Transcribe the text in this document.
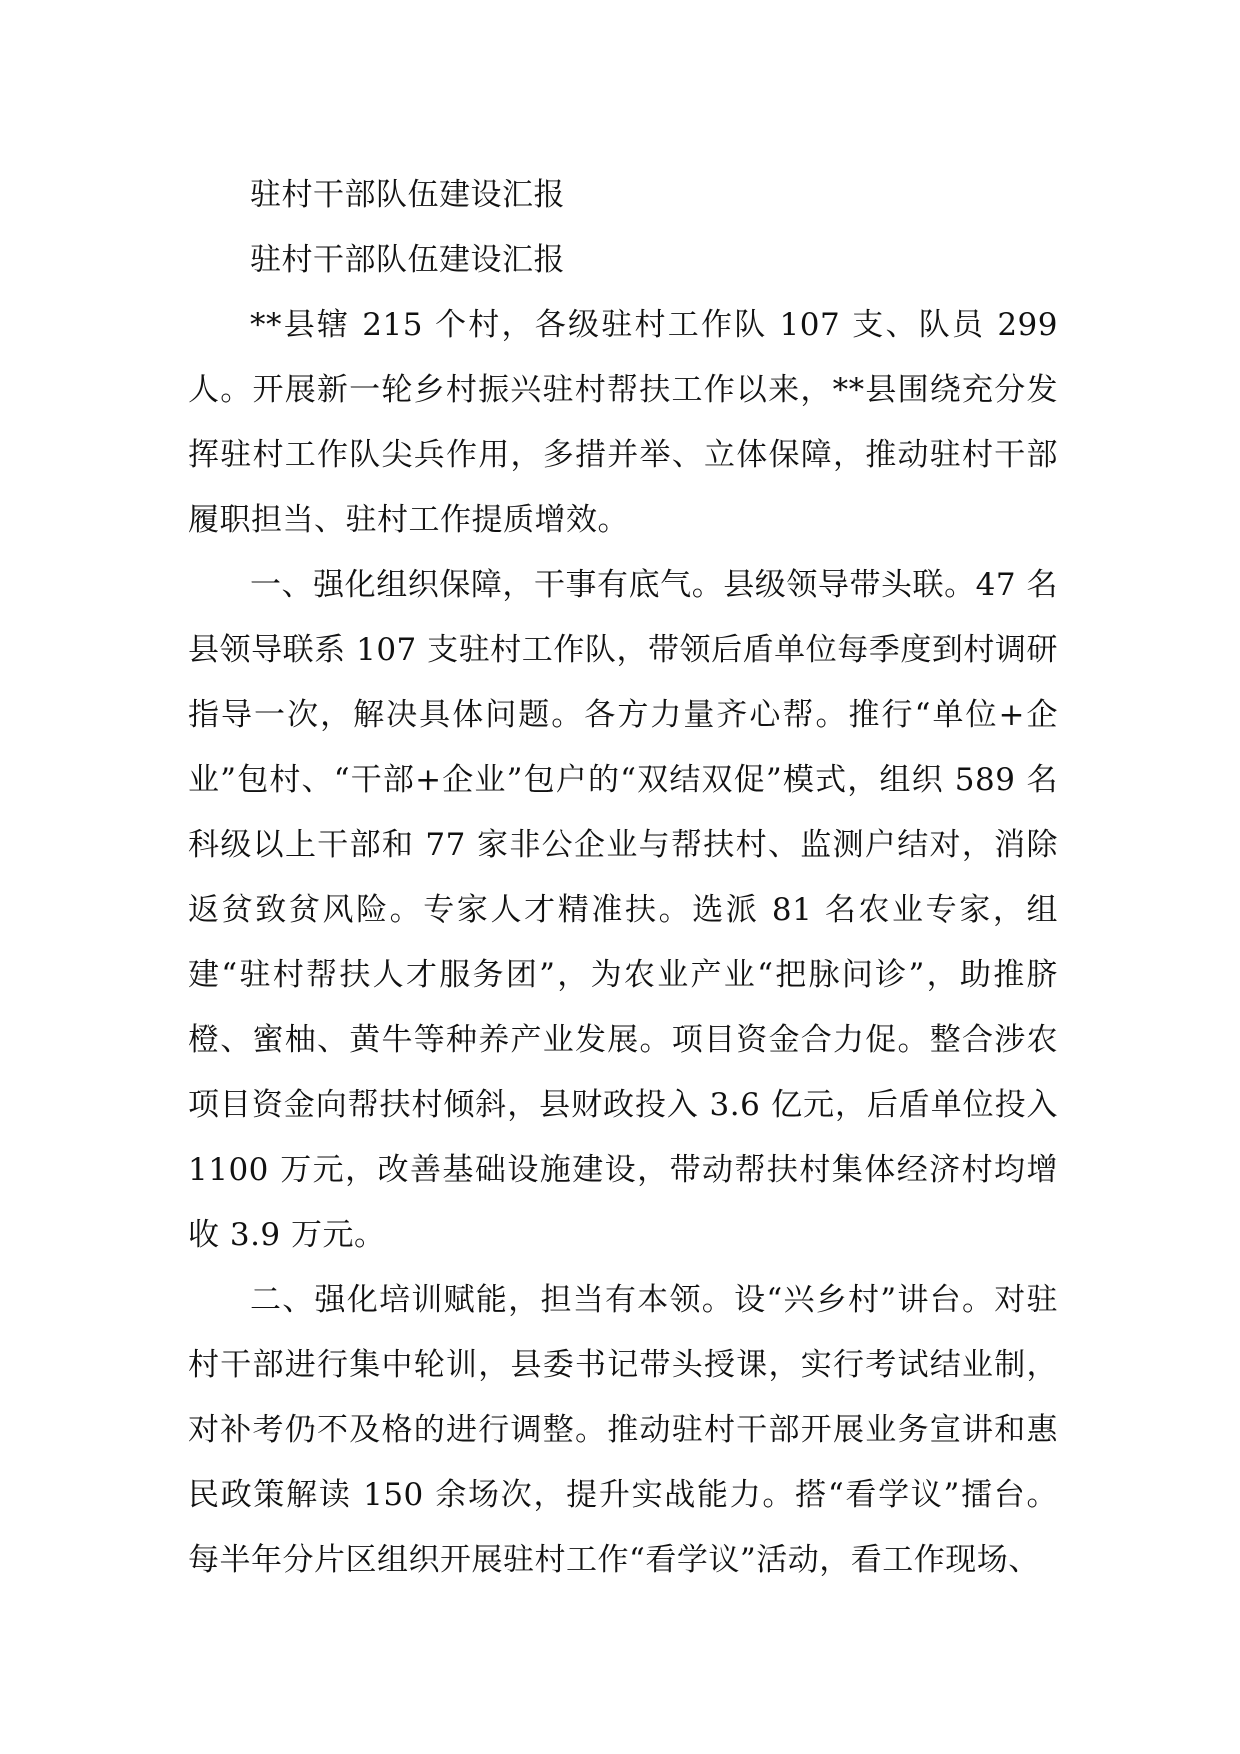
驻村干部队伍建设汇报

驻村干部队伍建设汇报

**县辖 215 个村，各级驻村工作队 107 支、队员 299 人。开展新一轮乡村振兴驻村帮扶工作以来，**县围绕充分发挥驻村工作队尖兵作用，多措并举、立体保障，推动驻村干部履职担当、驻村工作提质增效。

一、强化组织保障，干事有底气。县级领导带头联。47 名县领导联系 107 支驻村工作队，带领后盾单位每季度到村调研指导一次，解决具体问题。各方力量齐心帮。推行“单位+企业”包村、“干部+企业”包户的“双结双促”模式，组织 589 名科级以上干部和 77 家非公企业与帮扶村、监测户结对，消除返贫致贫风险。专家人才精准扶。选派 81 名农业专家，组建“驻村帮扶人才服务团”，为农业产业“把脉问诊”，助推脐橙、蜜柚、黄牛等种养产业发展。项目资金合力促。整合涉农项目资金向帮扶村倾斜，县财政投入 3.6 亿元，后盾单位投入 1100 万元，改善基础设施建设，带动帮扶村集体经济村均增收 3.9 万元。

二、强化培训赋能，担当有本领。设“兴乡村”讲台。对驻村干部进行集中轮训，县委书记带头授课，实行考试结业制，对补考仍不及格的进行调整。推动驻村干部开展业务宣讲和惠民政策解读 150 余场次，提升实战能力。搭“看学议”擂台。每半年分片区组织开展驻村工作“看学议”活动，看工作现场、
